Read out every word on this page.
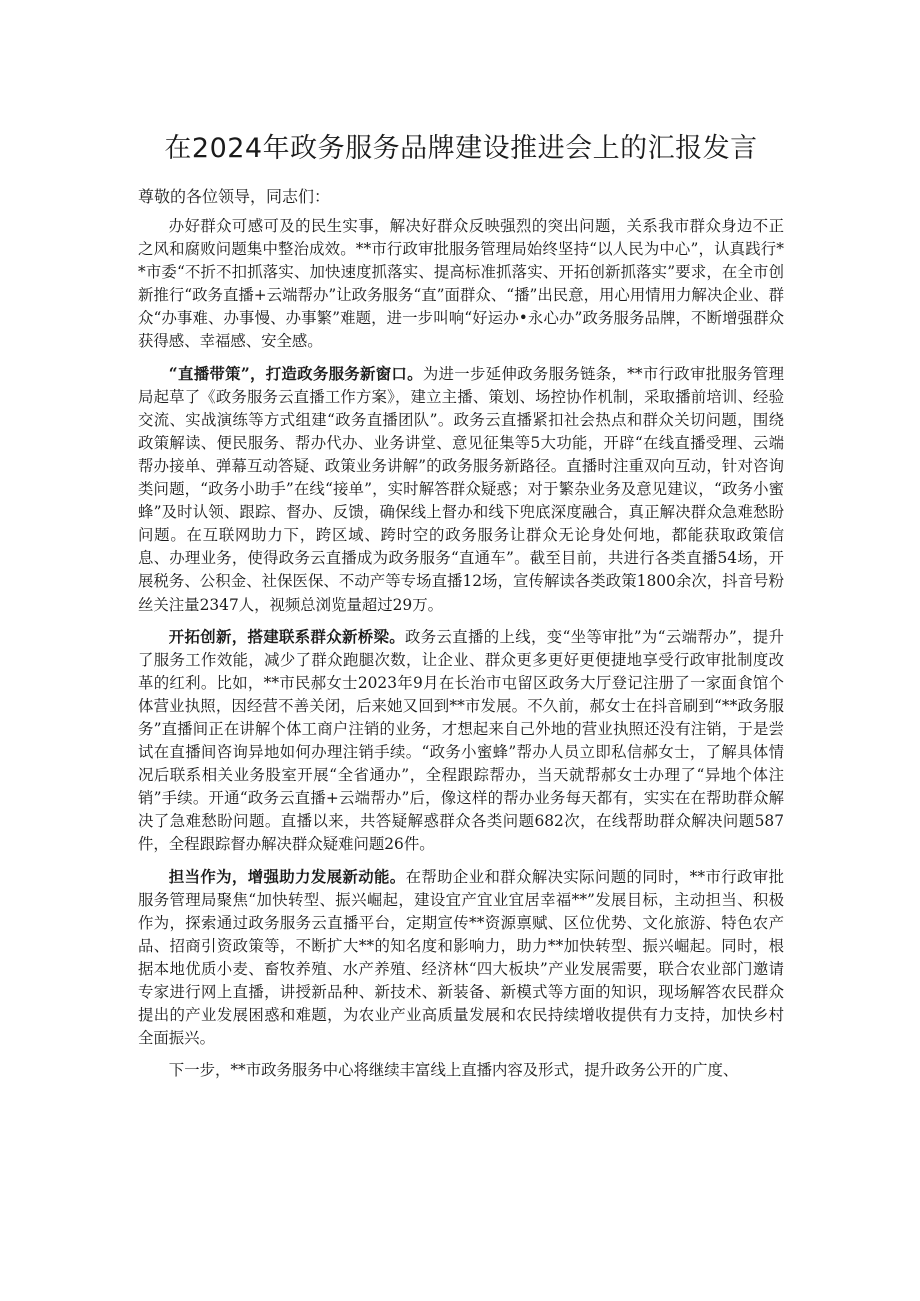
在2024年政务服务品牌建设推进会上的汇报发言

尊敬的各位领导，同志们：

办好群众可感可及的民生实事，解决好群众反映强烈的突出问题，关系我市群众身边不正之风和腐败问题集中整治成效。**市行政审批服务管理局始终坚持“以人民为中心”，认真践行**市委“不折不扣抓落实、加快速度抓落实、提高标准抓落实、开拓创新抓落实”要求，在全市创新推行“政务直播+云端帮办”让政务服务“直”面群众、“播”出民意，用心用情用力解决企业、群众“办事难、办事慢、办事繁”难题，进一步叫响“好运办•永心办”政务服务品牌，不断增强群众获得感、幸福感、安全感。

“直播带策”，打造政务服务新窗口。为进一步延伸政务服务链条，**市行政审批服务管理局起草了《政务服务云直播工作方案》，建立主播、策划、场控协作机制，采取播前培训、经验交流、实战演练等方式组建“政务直播团队”。政务云直播紧扣社会热点和群众关切问题，围绕政策解读、便民服务、帮办代办、业务讲堂、意见征集等5大功能，开辟“在线直播受理、云端帮办接单、弹幕互动答疑、政策业务讲解”的政务服务新路径。直播时注重双向互动，针对咨询类问题，“政务小助手”在线“接单”，实时解答群众疑惑；对于繁杂业务及意见建议，“政务小蜜蜂”及时认领、跟踪、督办、反馈，确保线上督办和线下兜底深度融合，真正解决群众急难愁盼问题。在互联网助力下，跨区域、跨时空的政务服务让群众无论身处何地，都能获取政策信息、办理业务，使得政务云直播成为政务服务“直通车”。截至目前，共进行各类直播54场，开展税务、公积金、社保医保、不动产等专场直播12场，宣传解读各类政策1800余次，抖音号粉丝关注量2347人，视频总浏览量超过29万。

开拓创新，搭建联系群众新桥梁。政务云直播的上线，变“坐等审批”为“云端帮办”，提升了服务工作效能，减少了群众跑腿次数，让企业、群众更多更好更便捷地享受行政审批制度改革的红利。比如，**市民郝女士2023年9月在长治市屯留区政务大厅登记注册了一家面食馆个体营业执照，因经营不善关闭，后来她又回到**市发展。不久前，郝女士在抖音刷到“**政务服务”直播间正在讲解个体工商户注销的业务，才想起来自己外地的营业执照还没有注销，于是尝试在直播间咨询异地如何办理注销手续。“政务小蜜蜂”帮办人员立即私信郝女士，了解具体情况后联系相关业务股室开展“全省通办”，全程跟踪帮办，当天就帮郝女士办理了“异地个体注销”手续。开通“政务云直播+云端帮办”后，像这样的帮办业务每天都有，实实在在帮助群众解决了急难愁盼问题。直播以来，共答疑解惑群众各类问题682次，在线帮助群众解决问题587件，全程跟踪督办解决群众疑难问题26件。

担当作为，增强助力发展新动能。在帮助企业和群众解决实际问题的同时，**市行政审批服务管理局聚焦“加快转型、振兴崛起，建设宜产宜业宜居幸福**”发展目标，主动担当、积极作为，探索通过政务服务云直播平台，定期宣传**资源禀赋、区位优势、文化旅游、特色农产品、招商引资政策等，不断扩大**的知名度和影响力，助力**加快转型、振兴崛起。同时，根据本地优质小麦、畜牧养殖、水产养殖、经济林“四大板块”产业发展需要，联合农业部门邀请专家进行网上直播，讲授新品种、新技术、新装备、新模式等方面的知识，现场解答农民群众提出的产业发展困惑和难题，为农业产业高质量发展和农民持续增收提供有力支持，加快乡村全面振兴。

下一步，**市政务服务中心将继续丰富线上直播内容及形式，提升政务公开的广度、
